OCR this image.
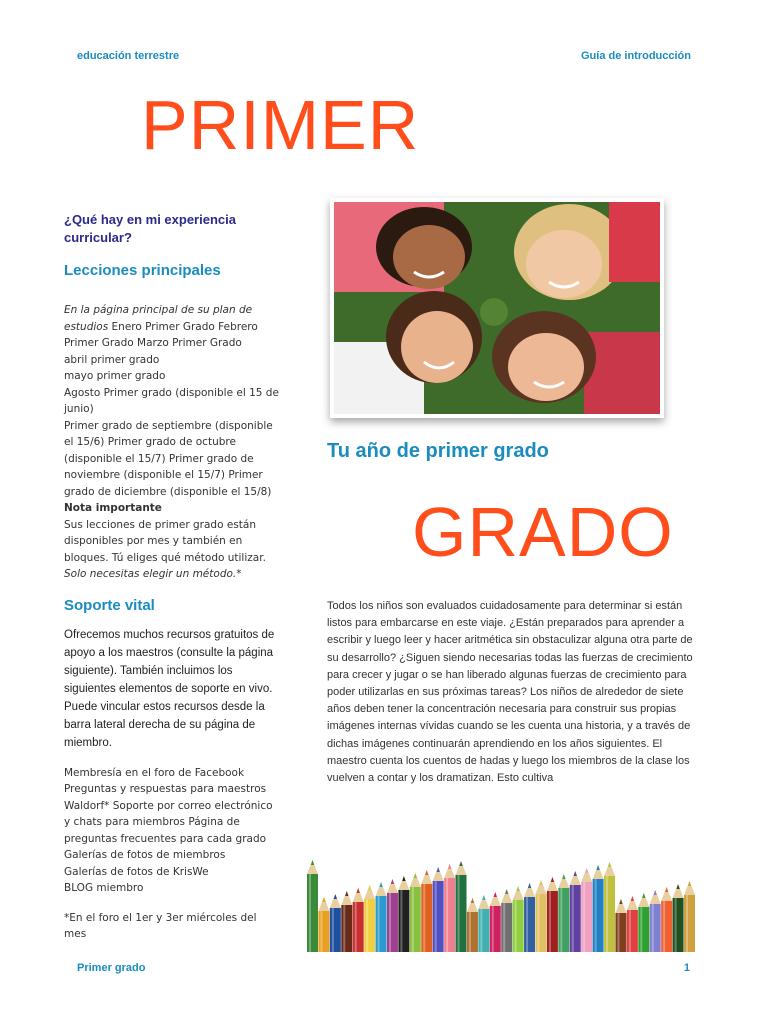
educación terrestre	Guía de introducción
PRIMER

¿Qué hay en mi experiencia curricular?

Lecciones principales

En la página principal de su plan de estudios Enero Primer Grado Febrero Primer Grado Marzo Primer Grado
abril primer grado
mayo primer grado
Agosto Primer grado (disponible el 15 de junio)
Primer grado de septiembre (disponible el 15/6) Primer grado de octubre (disponible el 15/7) Primer grado de noviembre (disponible el 15/7) Primer grado de diciembre (disponible el 15/8)
Nota importante
Sus lecciones de primer grado están disponibles por mes y también en bloques. Tú eliges qué método utilizar. Solo necesitas elegir un método.*

Soporte vital

Ofrecemos muchos recursos gratuitos de apoyo a los maestros (consulte la página siguiente). También incluimos los siguientes elementos de soporte en vivo. Puede vincular estos recursos desde la barra lateral derecha de su página de miembro.
Membresía en el foro de Facebook Preguntas y respuestas para maestros Waldorf* Soporte por correo electrónico y chats para miembros Página de preguntas frecuentes para cada grado
Galerías de fotos de miembros
Galerías de fotos de KrisWe
BLOG miembro
*En el foro el 1er y 3er miércoles del mes
Tu año de primer grado
GRADO
Todos los niños son evaluados cuidadosamente para determinar si están listos para embarcarse en este viaje. ¿Están preparados para aprender a escribir y luego leer y hacer aritmética sin obstaculizar alguna otra parte de su desarrollo? ¿Siguen siendo necesarias todas las fuerzas de crecimiento para crecer y jugar o se han liberado algunas fuerzas de crecimiento para poder utilizarlas en sus próximas tareas? Los niños de alrededor de siete años deben tener la concentración necesaria para construir sus propias imágenes internas vívidas cuando se les cuenta una historia, y a través de dichas imágenes continuarán aprendiendo en los años siguientes. El maestro cuenta los cuentos de hadas y luego los miembros de la clase los vuelven a contar y los dramatizan. Esto cultiva
Primer grado	1
